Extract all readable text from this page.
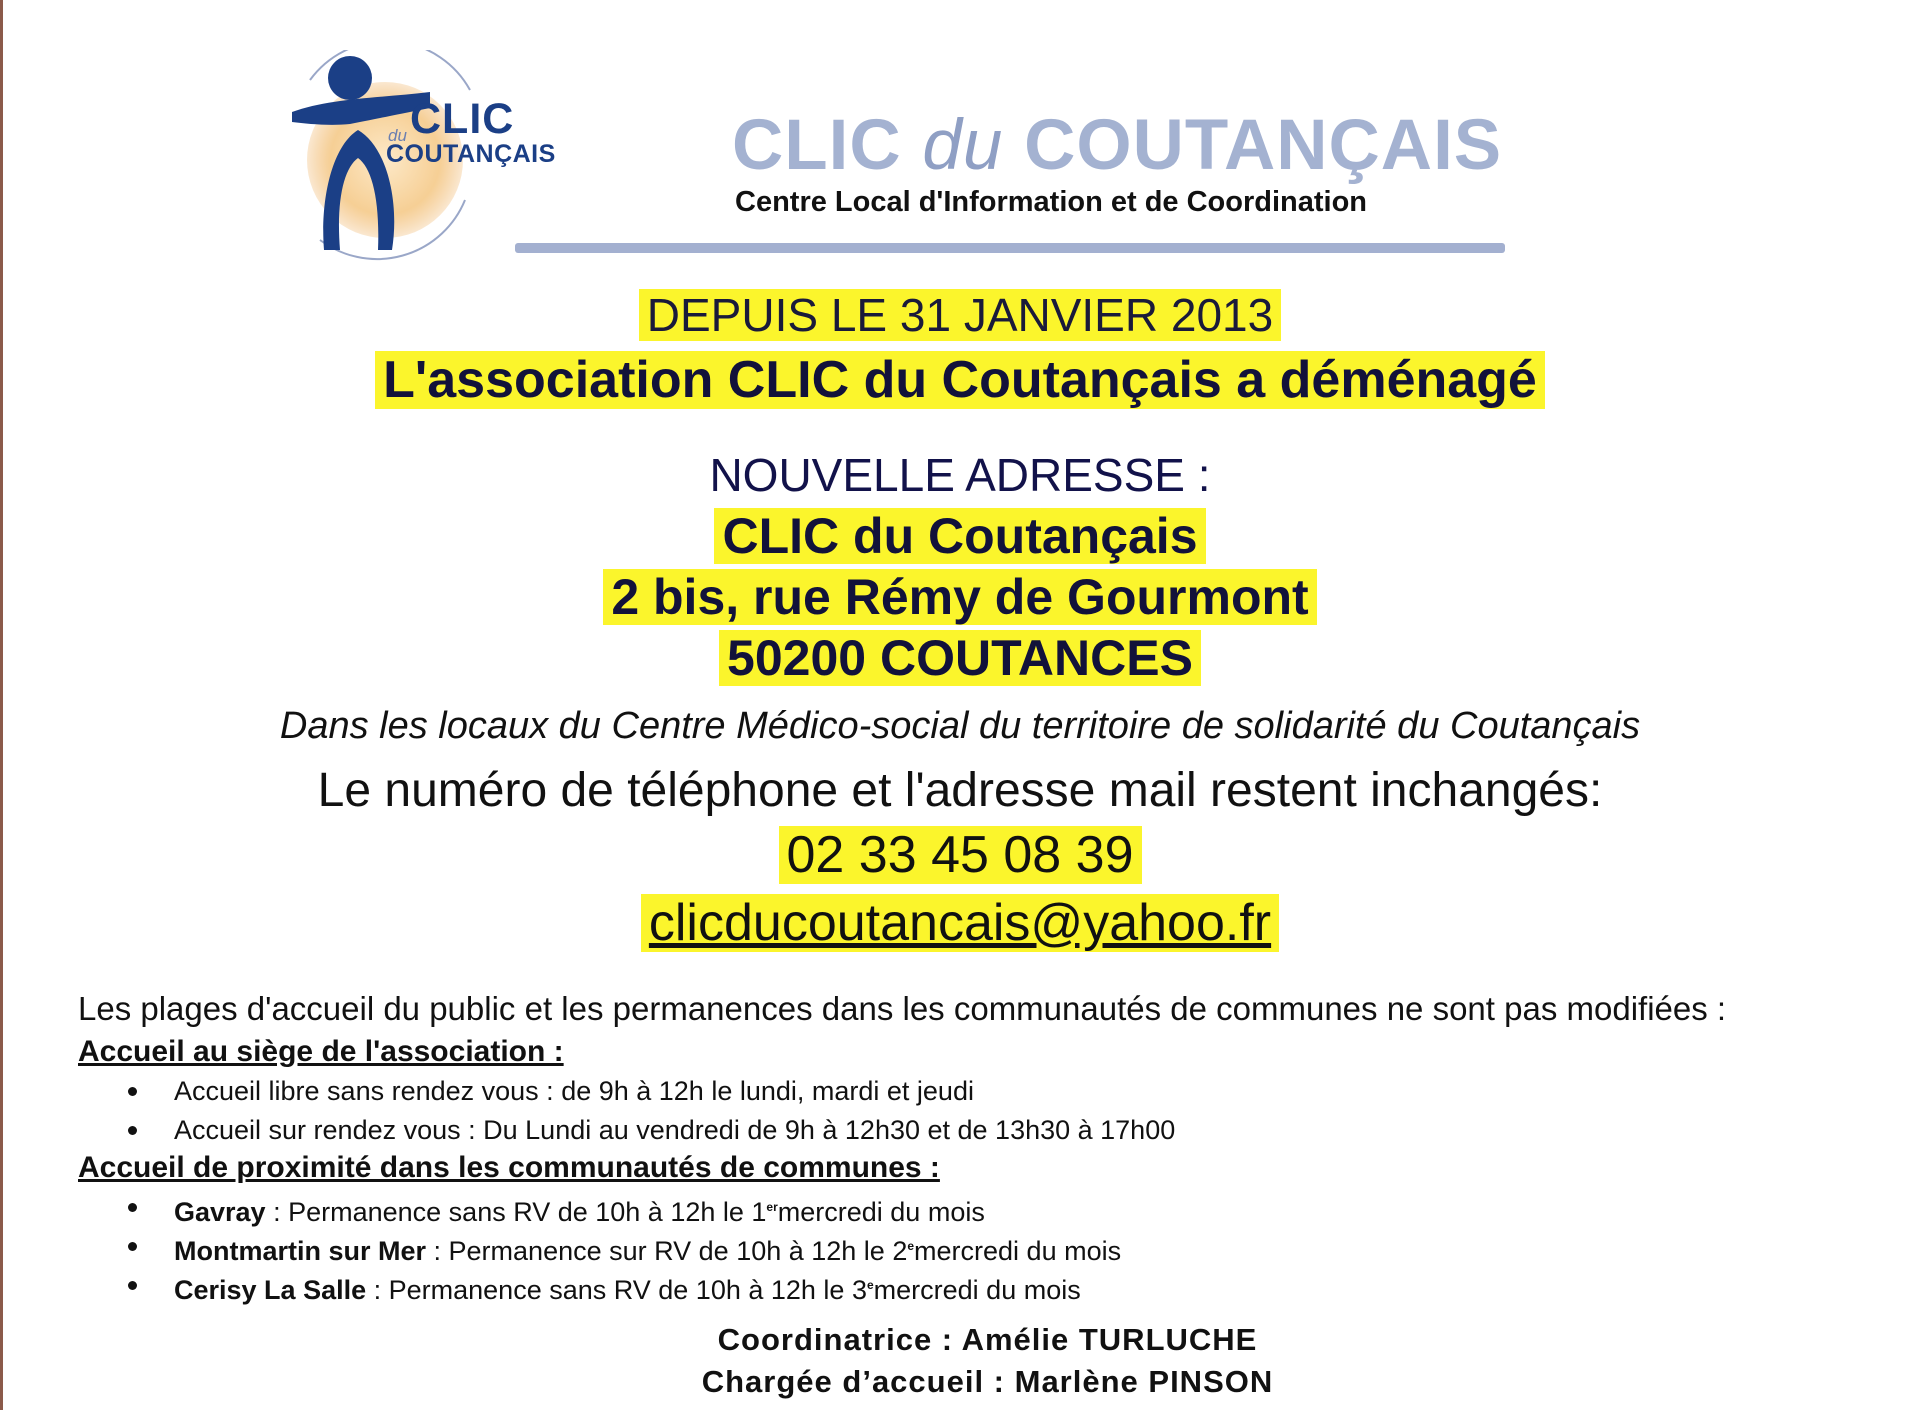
CLIC
du
COUTANÇAIS CLIC du COUTANÇAIS
Centre Local d'Information et de Coordination
DEPUIS LE 31 JANVIER 2013
L'association CLIC du Coutançais a déménagé
NOUVELLE ADRESSE :
CLIC du Coutançais
2 bis, rue Rémy de Gourmont
50200 COUTANCES
Dans les locaux du Centre Médico-social du territoire de solidarité du Coutançais
Le numéro de téléphone et l'adresse mail restent inchangés:
02 33 45 08 39
clicducoutancais@yahoo.fr
Les plages d'accueil du public et les permanences dans les communautés de communes ne sont pas modifiées :
Accueil au siège de l'association :
Accueil libre sans rendez vous : de 9h à 12h le lundi, mardi et jeudi
Accueil sur rendez vous : Du Lundi au vendredi de 9h à 12h30 et de 13h30 à 17h00
Accueil de proximité dans les communautés de communes :
Gavray : Permanence sans RV de 10h à 12h le 1ermercredi du mois
Montmartin sur Mer : Permanence sur RV de 10h à 12h le 2emercredi du mois
Cerisy La Salle : Permanence sans RV de 10h à 12h le 3emercredi du mois
Coordinatrice : Amélie TURLUCHE
Chargée d’accueil : Marlène PINSON
